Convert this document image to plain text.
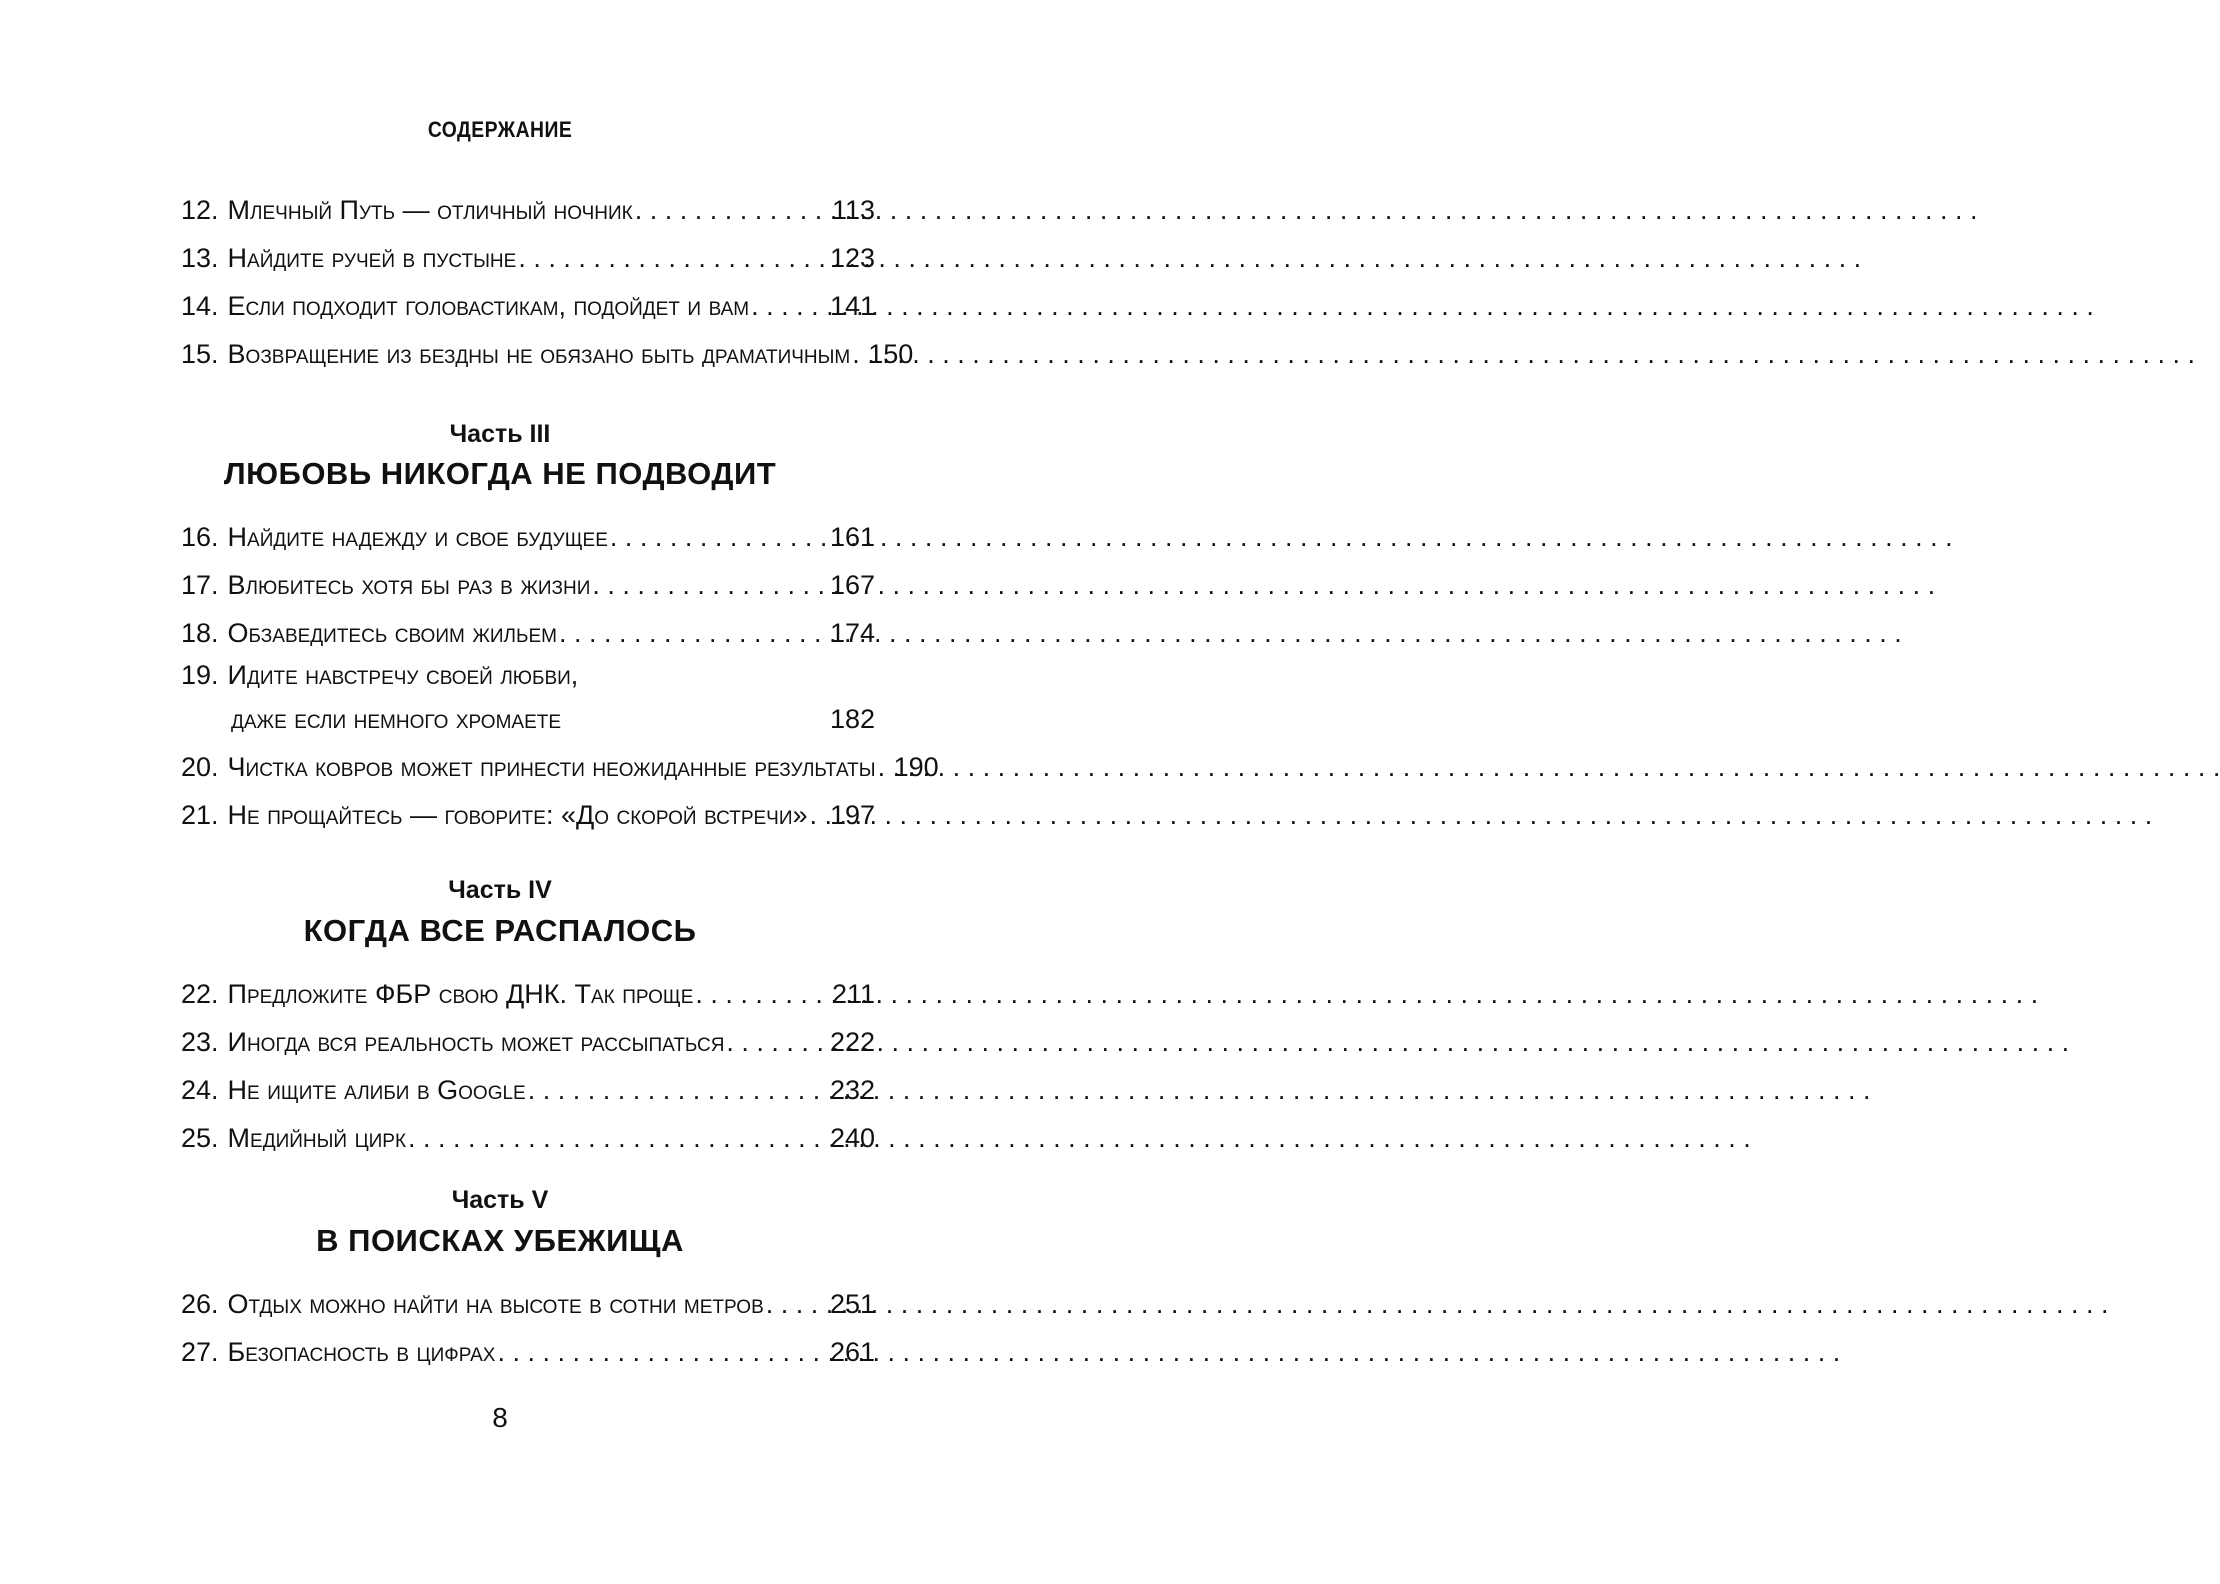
СОДЕРЖАНИЕ
12. Млечный Путь — отличный ночник . . .	113
13. Найдите ручей в пустыне . . .	123
14. Если подходит головастикам, подойдет и вам . . .	141
15. Возвращение из бездны не обязано быть драматичным . . . 150
Часть III
ЛЮБОВЬ НИКОГДА НЕ ПОДВОДИТ
16. Найдите надежду и свое будущее . . .	161
17. Влюбитесь хотя бы раз в жизни . . .	167
18. Обзаведитесь своим жильем . . .	174
19. Идите навстречу своей любви,
даже если немного хромаете	182
20. Чистка ковров может принести неожиданные результаты . . . 190
21. Не прощайтесь — говорите: «До скорой встречи» . . . 197
Часть IV
КОГДА ВСЕ РАСПАЛОСЬ
22. Предложите ФБР свою ДНК. Так проще . . .	211
23. Иногда вся реальность может рассыпаться . . .	222
24. Не ищите алиби в Google . . .	232
25. Медийный цирк . . .	240
Часть V
В ПОИСКАХ УБЕЖИЩА
26. Отдых можно найти на высоте в сотни метров . . . 251
27. Безопасность в цифрах . . .	261
8
